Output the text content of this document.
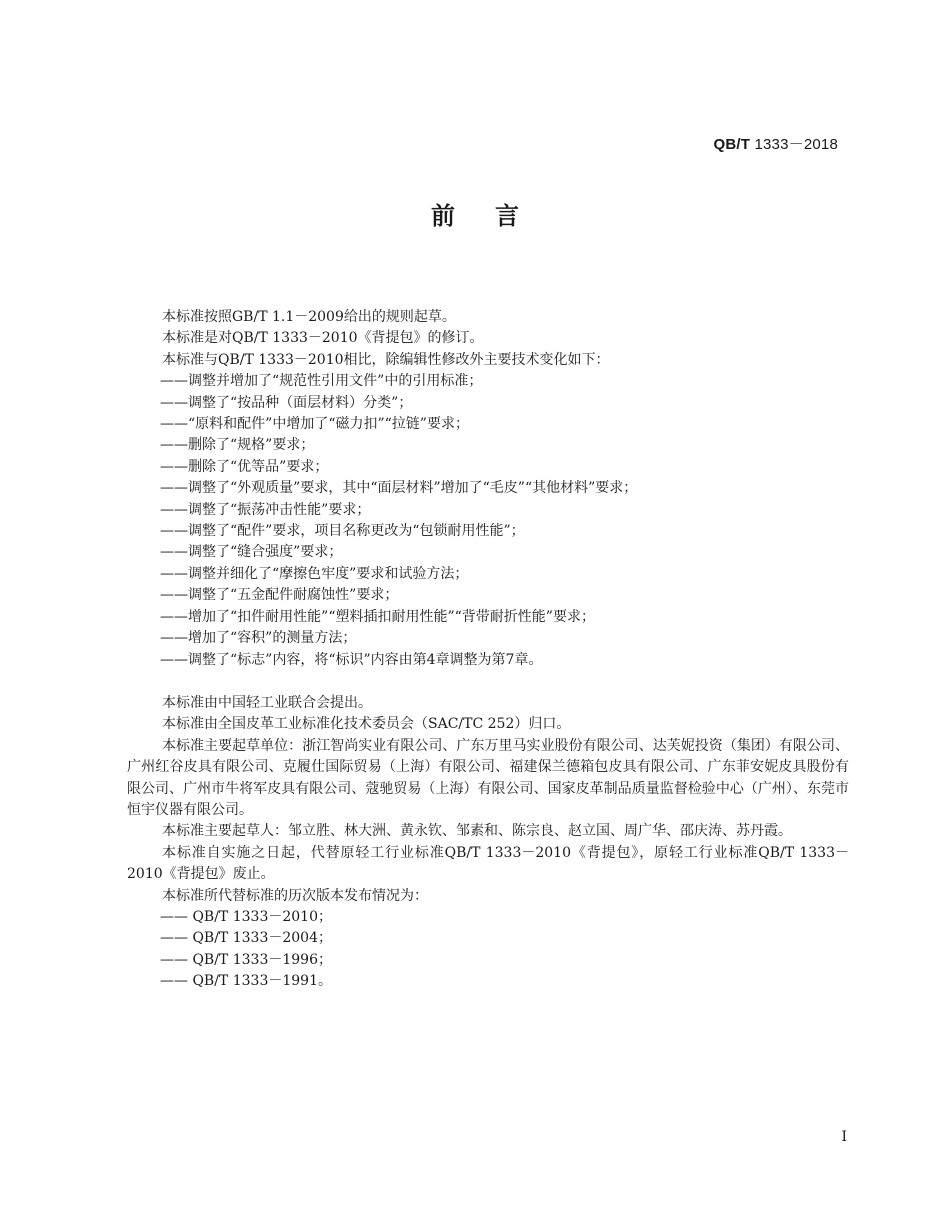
QB/T 1333－2018
前言

本标准按照GB/T 1.1－2009给出的规则起草。

本标准是对QB/T 1333－2010《背提包》的修订。

本标准与QB/T 1333－2010相比，除编辑性修改外主要技术变化如下：

——调整并增加了“规范性引用文件”中的引用标准；

——调整了“按品种（面层材料）分类”；

——“原料和配件”中增加了“磁力扣”“拉链”要求；

——删除了“规格”要求；

——删除了“优等品”要求；

——调整了“外观质量”要求，其中“面层材料”增加了“毛皮”“其他材料”要求；

——调整了“振荡冲击性能”要求；

——调整了“配件”要求，项目名称更改为“包锁耐用性能”；

——调整了“缝合强度”要求；

——调整并细化了“摩擦色牢度”要求和试验方法；

——调整了“五金配件耐腐蚀性”要求；

——增加了“扣件耐用性能”“塑料插扣耐用性能”“背带耐折性能”要求；

——增加了“容积”的测量方法；

——调整了“标志”内容，将“标识”内容由第4章调整为第7章。

本标准由中国轻工业联合会提出。

本标准由全国皮革工业标准化技术委员会（SAC/TC 252）归口。

本标准主要起草单位：浙江智尚实业有限公司、广东万里马实业股份有限公司、达芙妮投资（集团）有限公司、广州红谷皮具有限公司、克履仕国际贸易（上海）有限公司、福建保兰德箱包皮具有限公司、广东菲安妮皮具股份有限公司、广州市牛将军皮具有限公司、蔻驰贸易（上海）有限公司、国家皮革制品质量监督检验中心（广州）、东莞市恒宇仪器有限公司。

本标准主要起草人：邹立胜、林大洲、黄永钦、邹素和、陈宗良、赵立国、周广华、邵庆涛、苏丹霞。

本标准自实施之日起，代替原轻工行业标准QB/T 1333－2010《背提包》，原轻工行业标准QB/T 1333－2010《背提包》废止。

本标准所代替标准的历次版本发布情况为：

—— QB/T 1333－2010；

—— QB/T 1333－2004；

—— QB/T 1333－1996；

—— QB/T 1333－1991。

I
